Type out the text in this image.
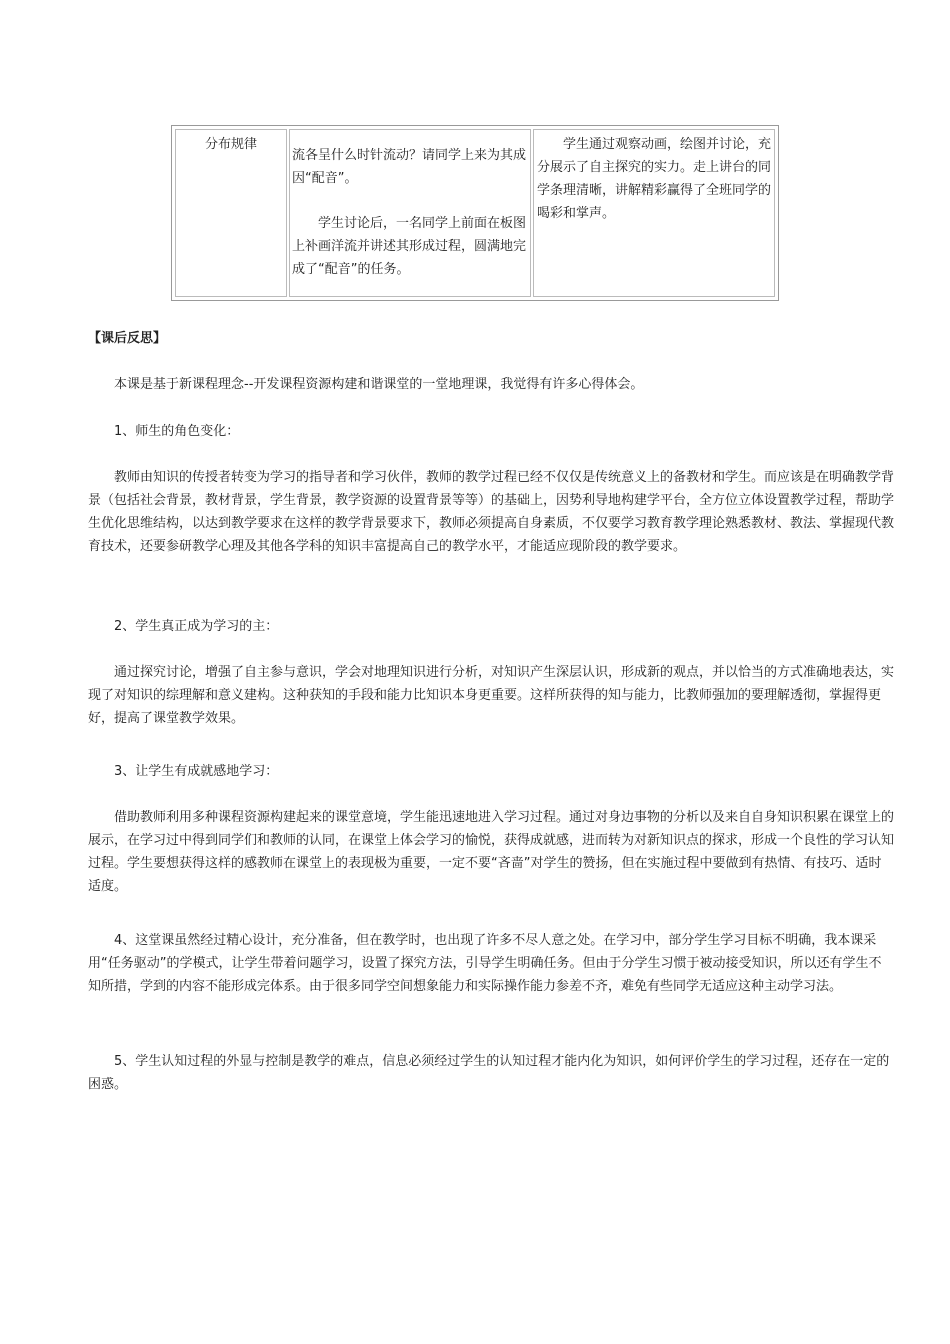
分布规律
流各呈什么时针流动？请同学上来为其成因“配音”。
学生讨论后，一名同学上前面在板图上补画洋流并讲述其形成过程，圆满地完成了“配音”的任务。
学生通过观察动画，绘图并讨论，充分展示了自主探究的实力。走上讲台的同学条理清晰，讲解精彩赢得了全班同学的喝彩和掌声。

【课后反思】

本课是基于新课程理念--开发课程资源构建和谐课堂的一堂地理课，我觉得有许多心得体会。

1、师生的角色变化：

教师由知识的传授者转变为学习的指导者和学习伙伴，教师的教学过程已经不仅仅是传统意义上的备教材和学生。而应该是在明确教学背景（包括社会背景，教材背景，学生背景，教学资源的设置背景等等）的基础上，因势利导地构建学平台，全方位立体设置教学过程，帮助学生优化思维结构，以达到教学要求在这样的教学背景要求下，教师必须提高自身素质，不仅要学习教育教学理论熟悉教材、教法、掌握现代教育技术，还要参研教学心理及其他各学科的知识丰富提高自己的教学水平，才能适应现阶段的教学要求。

2、学生真正成为学习的主：

通过探究讨论，增强了自主参与意识，学会对地理知识进行分析，对知识产生深层认识，形成新的观点，并以恰当的方式准确地表达，实现了对知识的综理解和意义建构。这种获知的手段和能力比知识本身更重要。这样所获得的知与能力，比教师强加的要理解透彻，掌握得更好，提高了课堂教学效果。

3、让学生有成就感地学习：

借助教师利用多种课程资源构建起来的课堂意境，学生能迅速地进入学习过程。通过对身边事物的分析以及来自自身知识积累在课堂上的展示，在学习过中得到同学们和教师的认同，在课堂上体会学习的愉悦，获得成就感，进而转为对新知识点的探求，形成一个良性的学习认知过程。学生要想获得这样的感教师在课堂上的表现极为重要，一定不要“吝啬”对学生的赞扬，但在实施过程中要做到有热情、有技巧、适时适度。

4、这堂课虽然经过精心设计，充分准备，但在教学时，也出现了许多不尽人意之处。在学习中，部分学生学习目标不明确，我本课采用“任务驱动”的学模式，让学生带着问题学习，设置了探究方法，引导学生明确任务。但由于分学生习惯于被动接受知识，所以还有学生不知所措，学到的内容不能形成完体系。由于很多同学空间想象能力和实际操作能力参差不齐，难免有些同学无适应这种主动学习法。

5、学生认知过程的外显与控制是教学的难点，信息必须经过学生的认知过程才能内化为知识，如何评价学生的学习过程，还存在一定的困惑。
